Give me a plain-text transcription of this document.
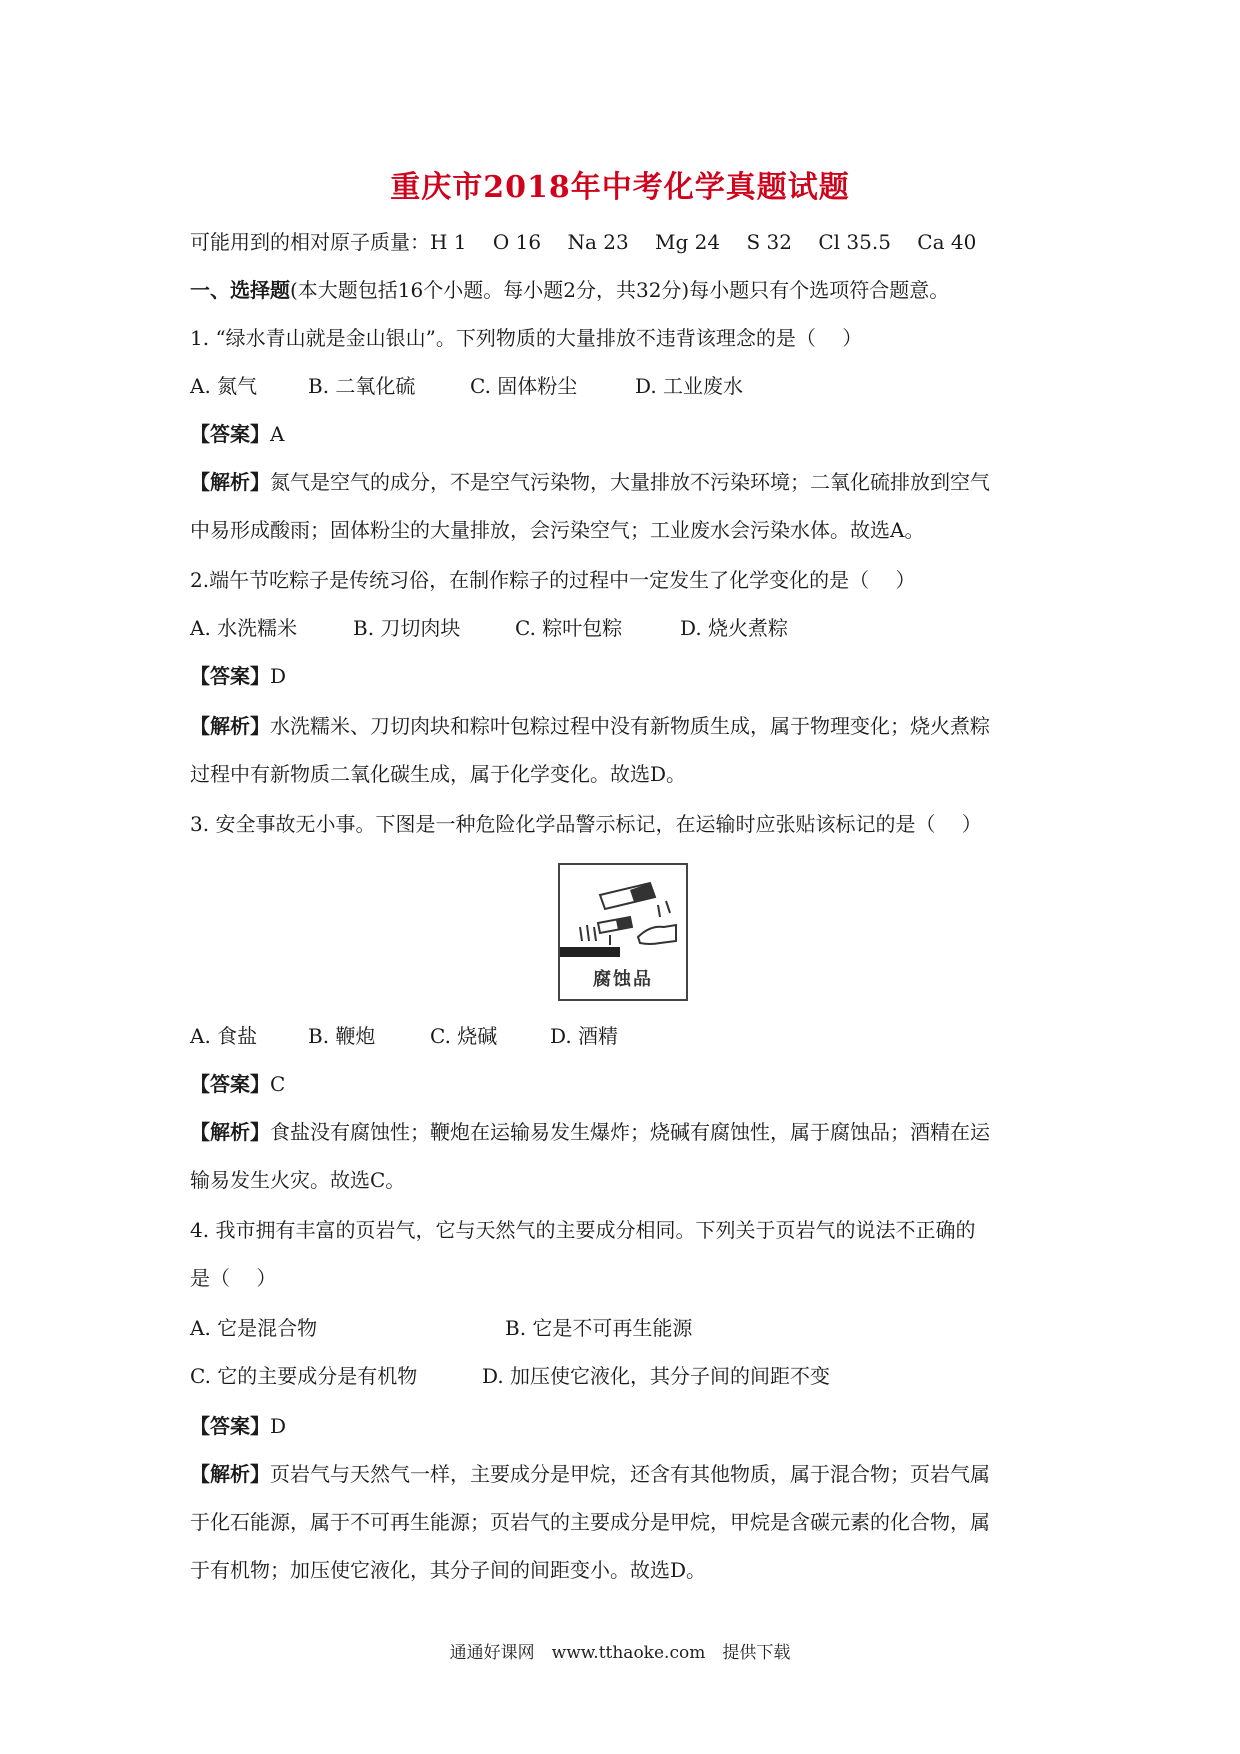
重庆市2018年中考化学真题试题
可能用到的相对原子质量：H 1　 O 16　 Na 23　 Mg 24　 S 32　 Cl 35.5　 Ca 40
一、选择题(本大题包括16个小题。每小题2分，共32分)每小题只有个选项符合题意。
1. “绿水青山就是金山银山”。下列物质的大量排放不违背该理念的是（　 ）
A. 氮气	B. 二氧化硫	C. 固体粉尘	D. 工业废水
【答案】A
【解析】氮气是空气的成分，不是空气污染物，大量排放不污染环境；二氧化硫排放到空气
中易形成酸雨；固体粉尘的大量排放，会污染空气；工业废水会污染水体。故选A。
2.端午节吃粽子是传统习俗，在制作粽子的过程中一定发生了化学变化的是（　 ）
A. 水洗糯米	B. 刀切肉块	C. 粽叶包粽	D. 烧火煮粽
【答案】D
【解析】水洗糯米、刀切肉块和粽叶包粽过程中没有新物质生成，属于物理变化；烧火煮粽
过程中有新物质二氧化碳生成，属于化学变化。故选D。
3. 安全事故无小事。下图是一种危险化学品警示标记，在运输时应张贴该标记的是（　 ）
腐蚀品
A. 食盐	B. 鞭炮	C. 烧碱	D. 酒精
【答案】C
【解析】食盐没有腐蚀性；鞭炮在运输易发生爆炸；烧碱有腐蚀性，属于腐蚀品；酒精在运
输易发生火灾。故选C。
4. 我市拥有丰富的页岩气，它与天然气的主要成分相同。下列关于页岩气的说法不正确的
是（　 ）
A. 它是混合物	B. 它是不可再生能源
C. 它的主要成分是有机物	D. 加压使它液化，其分子间的间距不变
【答案】D
【解析】页岩气与天然气一样，主要成分是甲烷，还含有其他物质，属于混合物；页岩气属
于化石能源，属于不可再生能源；页岩气的主要成分是甲烷，甲烷是含碳元素的化合物，属
于有机物；加压使它液化，其分子间的间距变小。故选D。
通通好课网　www.tthaoke.com　提供下载
